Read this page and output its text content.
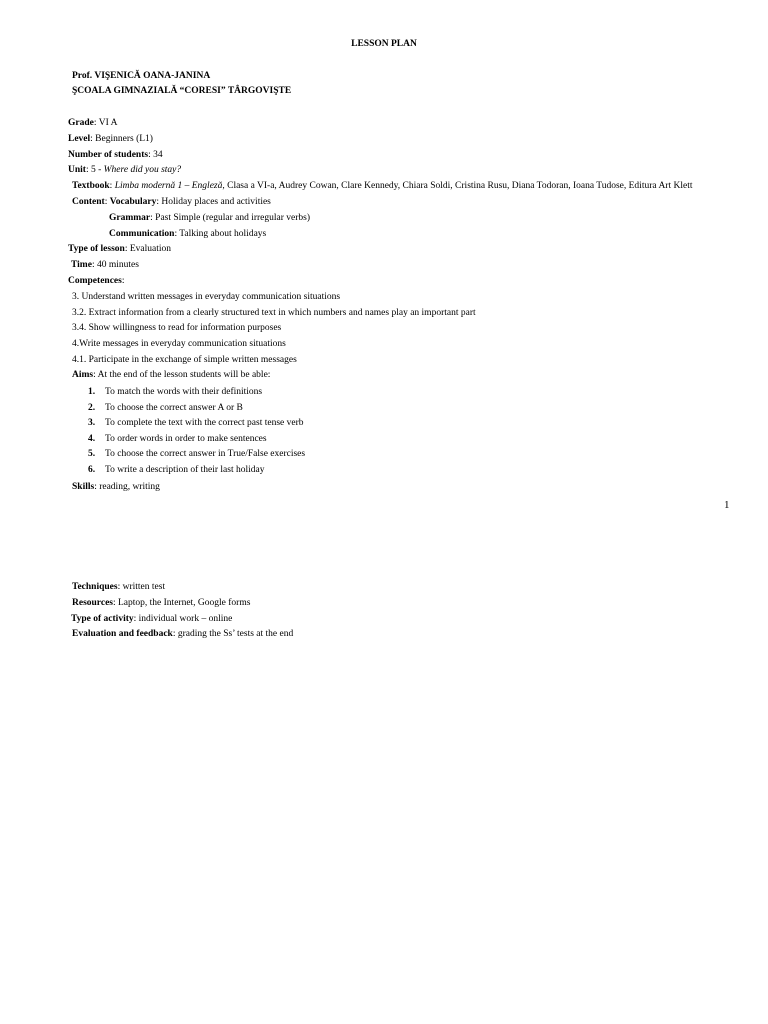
LESSON PLAN
Prof. VIŞENICĂ OANA-JANINA
ŞCOALA GIMNAZIALĂ “CORESI” TÂRGOVIŞTE
Grade: VI A
Level: Beginners (L1)
Number of students: 34
Unit: 5 - Where did you stay?
Textbook: Limba modernă 1 – Engleză, Clasa a VI-a, Audrey Cowan, Clare Kennedy, Chiara Soldi, Cristina Rusu, Diana Todoran, Ioana Tudose, Editura Art Klett
Content: Vocabulary: Holiday places and activities
Grammar: Past Simple (regular and irregular verbs)
Communication: Talking about holidays
Type of lesson: Evaluation
Time: 40 minutes
Competences:
3. Understand written messages in everyday communication situations
3.2. Extract information from a clearly structured text in which numbers and names play an important part
3.4. Show willingness to read for information purposes
4.Write messages in everyday communication situations
4.1. Participate in the exchange of simple written messages
Aims: At the end of the lesson students will be able:
1. To match the words with their definitions
2. To choose the correct answer A or B
3. To complete the text with the correct past tense verb
4. To order words in order to make sentences
5. To choose the correct answer in True/False exercises
6. To write a description of their last holiday
Skills: reading, writing
1
Techniques: written test
Resources: Laptop, the Internet, Google forms
Type of activity: individual work – online
Evaluation and feedback: grading the Ss’ tests at the end
